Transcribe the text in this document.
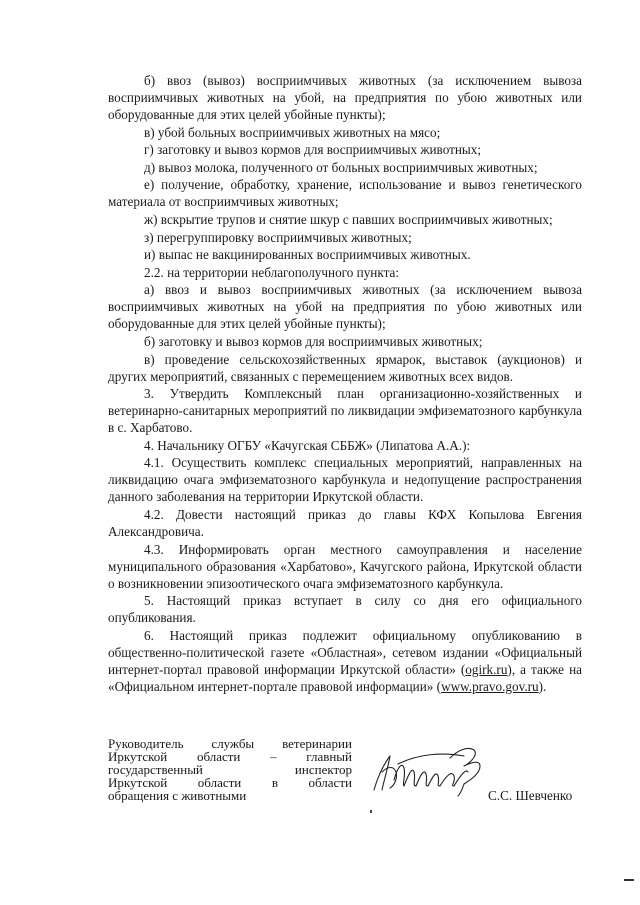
б) ввоз (вывоз) восприимчивых животных (за исключением вывоза восприимчивых животных на убой, на предприятия по убою животных или оборудованные для этих целей убойные пункты);

в) убой больных восприимчивых животных на мясо;

г) заготовку и вывоз кормов для восприимчивых животных;

д) вывоз молока, полученного от больных восприимчивых животных;

е) получение, обработку, хранение, использование и вывоз генетического материала от восприимчивых животных;

ж) вскрытие трупов и снятие шкур с павших восприимчивых животных;

з) перегруппировку восприимчивых животных;

и) выпас не вакцинированных восприимчивых животных.

2.2. на территории неблагополучного пункта:

а) ввоз и вывоз восприимчивых животных (за исключением вывоза восприимчивых животных на убой на предприятия по убою животных или оборудованные для этих целей убойные пункты);

б) заготовку и вывоз кормов для восприимчивых животных;

в) проведение сельскохозяйственных ярмарок, выставок (аукционов) и других мероприятий, связанных с перемещением животных всех видов.

3. Утвердить Комплексный план организационно-хозяйственных и ветеринарно-санитарных мероприятий по ликвидации эмфизематозного карбункула в с. Харбатово.

4. Начальнику ОГБУ «Качугская СББЖ» (Липатова А.А.):

4.1. Осуществить комплекс специальных мероприятий, направленных на ликвидацию очага эмфизематозного карбункула и недопущение распространения данного заболевания на территории Иркутской области.

4.2. Довести настоящий приказ до главы КФХ Копылова Евгения Александровича.

4.3. Информировать орган местного самоуправления и население муниципального образования «Харбатово», Качугского района, Иркутской области о возникновении эпизоотического очага эмфизематозного карбункула.

5. Настоящий приказ вступает в силу со дня его официального опубликования.

6. Настоящий приказ подлежит официальному опубликованию в общественно-политической газете «Областная», сетевом издании «Официальный интернет-портал правовой информации Иркутской области» (ogirk.ru), а также на «Официальном интернет-портале правовой информации» (www.pravo.gov.ru).

Руководитель службы ветеринарии
Иркутской области – главный
государственный	инспектор
Иркутской области в области
обращения с животными	С.С. Шевченко
